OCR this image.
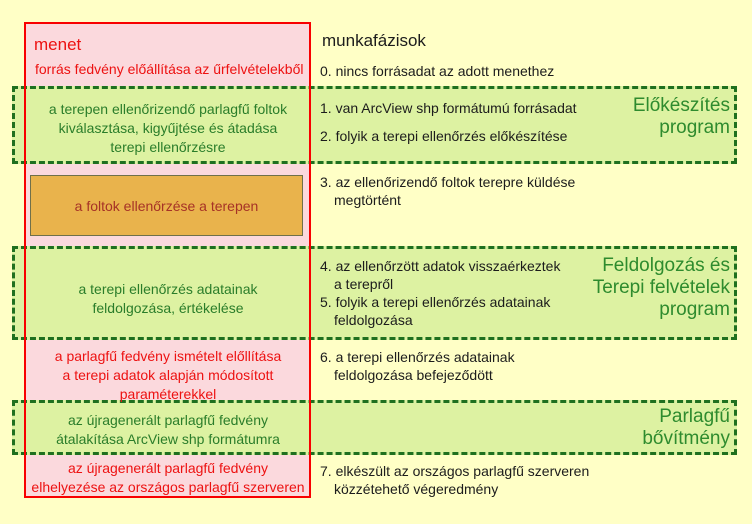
menet
forrás fedvény előállítása az űrfelvételekből
a terepen ellenőrizendő parlagfű foltok
kiválasztása, kigyűjtése és átadása
terepi ellenőrzésre
a foltok ellenőrzése a terepen
a terepi ellenőrzés adatainak
feldolgozása, értékelése
a parlagfű fedvény ismételt előllítása
a terepi adatok alapján módosított
paraméterekkel
az újragenerált parlagfű fedvény
átalakítása ArcView shp formátumra
az újragenerált parlagfű fedvény
elhelyezése az országos parlagfű szerveren
munkafázisok
0. nincs forrásadat az adott menethez
1. van ArcView shp formátumú forrásadat
2. folyik a terepi ellenőrzés előkészítése
3. az ellenőrizendő foltok terepre küldése
megtörtént
4. az ellenőrzött adatok visszaérkeztek
a terepről
5. folyik a terepi ellenőrzés adatainak
feldolgozása
6. a terepi ellenőrzés adatainak
feldolgozása befejeződött
7. elkészült az országos parlagfű szerveren
közzétehető végeredmény
Előkészítés
program
Feldolgozás és
Terepi felvételek
program
Parlagfű
bővítmény
